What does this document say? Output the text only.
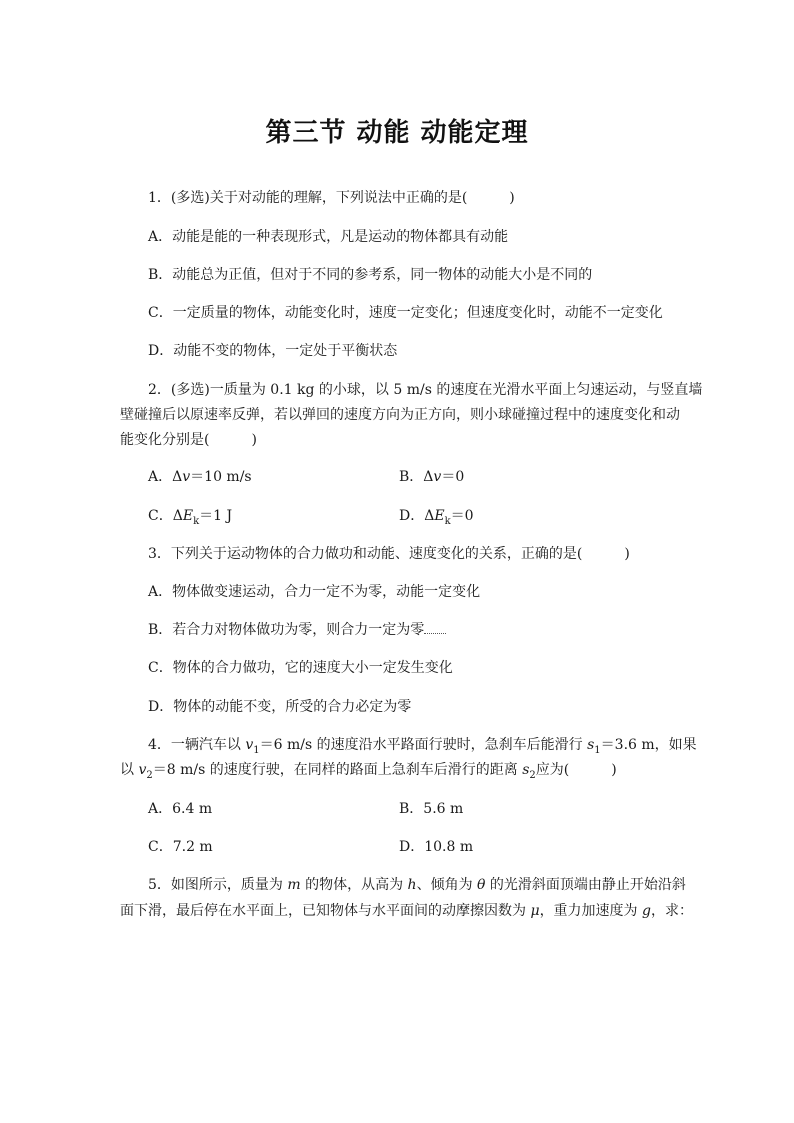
第三节 动能 动能定理
1．(多选)关于对动能的理解，下列说法中正确的是(　　　)
A．动能是能的一种表现形式，凡是运动的物体都具有动能
B．动能总为正值，但对于不同的参考系，同一物体的动能大小是不同的
C．一定质量的物体，动能变化时，速度一定变化；但速度变化时，动能不一定变化
D．动能不变的物体，一定处于平衡状态
2．(多选)一质量为 0.1 kg 的小球，以 5 m/s 的速度在光滑水平面上匀速运动，与竖直墙
壁碰撞后以原速率反弹，若以弹回的速度方向为正方向，则小球碰撞过程中的速度变化和动
能变化分别是(　　　)
A．Δv＝10 m/s	B．Δv＝0
C．$\Delta E_k=1$ J	D．$\Delta E_k=0$
3．下列关于运动物体的合力做功和动能、速度变化的关系，正确的是(　　　)
A．物体做变速运动，合力一定不为零，动能一定变化
B．若合力对物体做功为零，则合力一定为零
C．物体的合力做功，它的速度大小一定发生变化
D．物体的动能不变，所受的合力必定为零
4．一辆汽车以 $v_1=6$ m/s 的速度沿水平路面行驶时，急刹车后能滑行 $s_1=3.6$ m，如果
以 $v_2=8$ m/s 的速度行驶，在同样的路面上急刹车后滑行的距离 $s_2$应为(　　　)
A．6.4 m	B．5.6 m
C．7.2 m	D．10.8 m
5．如图所示，质量为 m 的物体，从高为 h、倾角为 θ 的光滑斜面顶端由静止开始沿斜
面下滑，最后停在水平面上，已知物体与水平面间的动摩擦因数为 μ，重力加速度为 g，求：
